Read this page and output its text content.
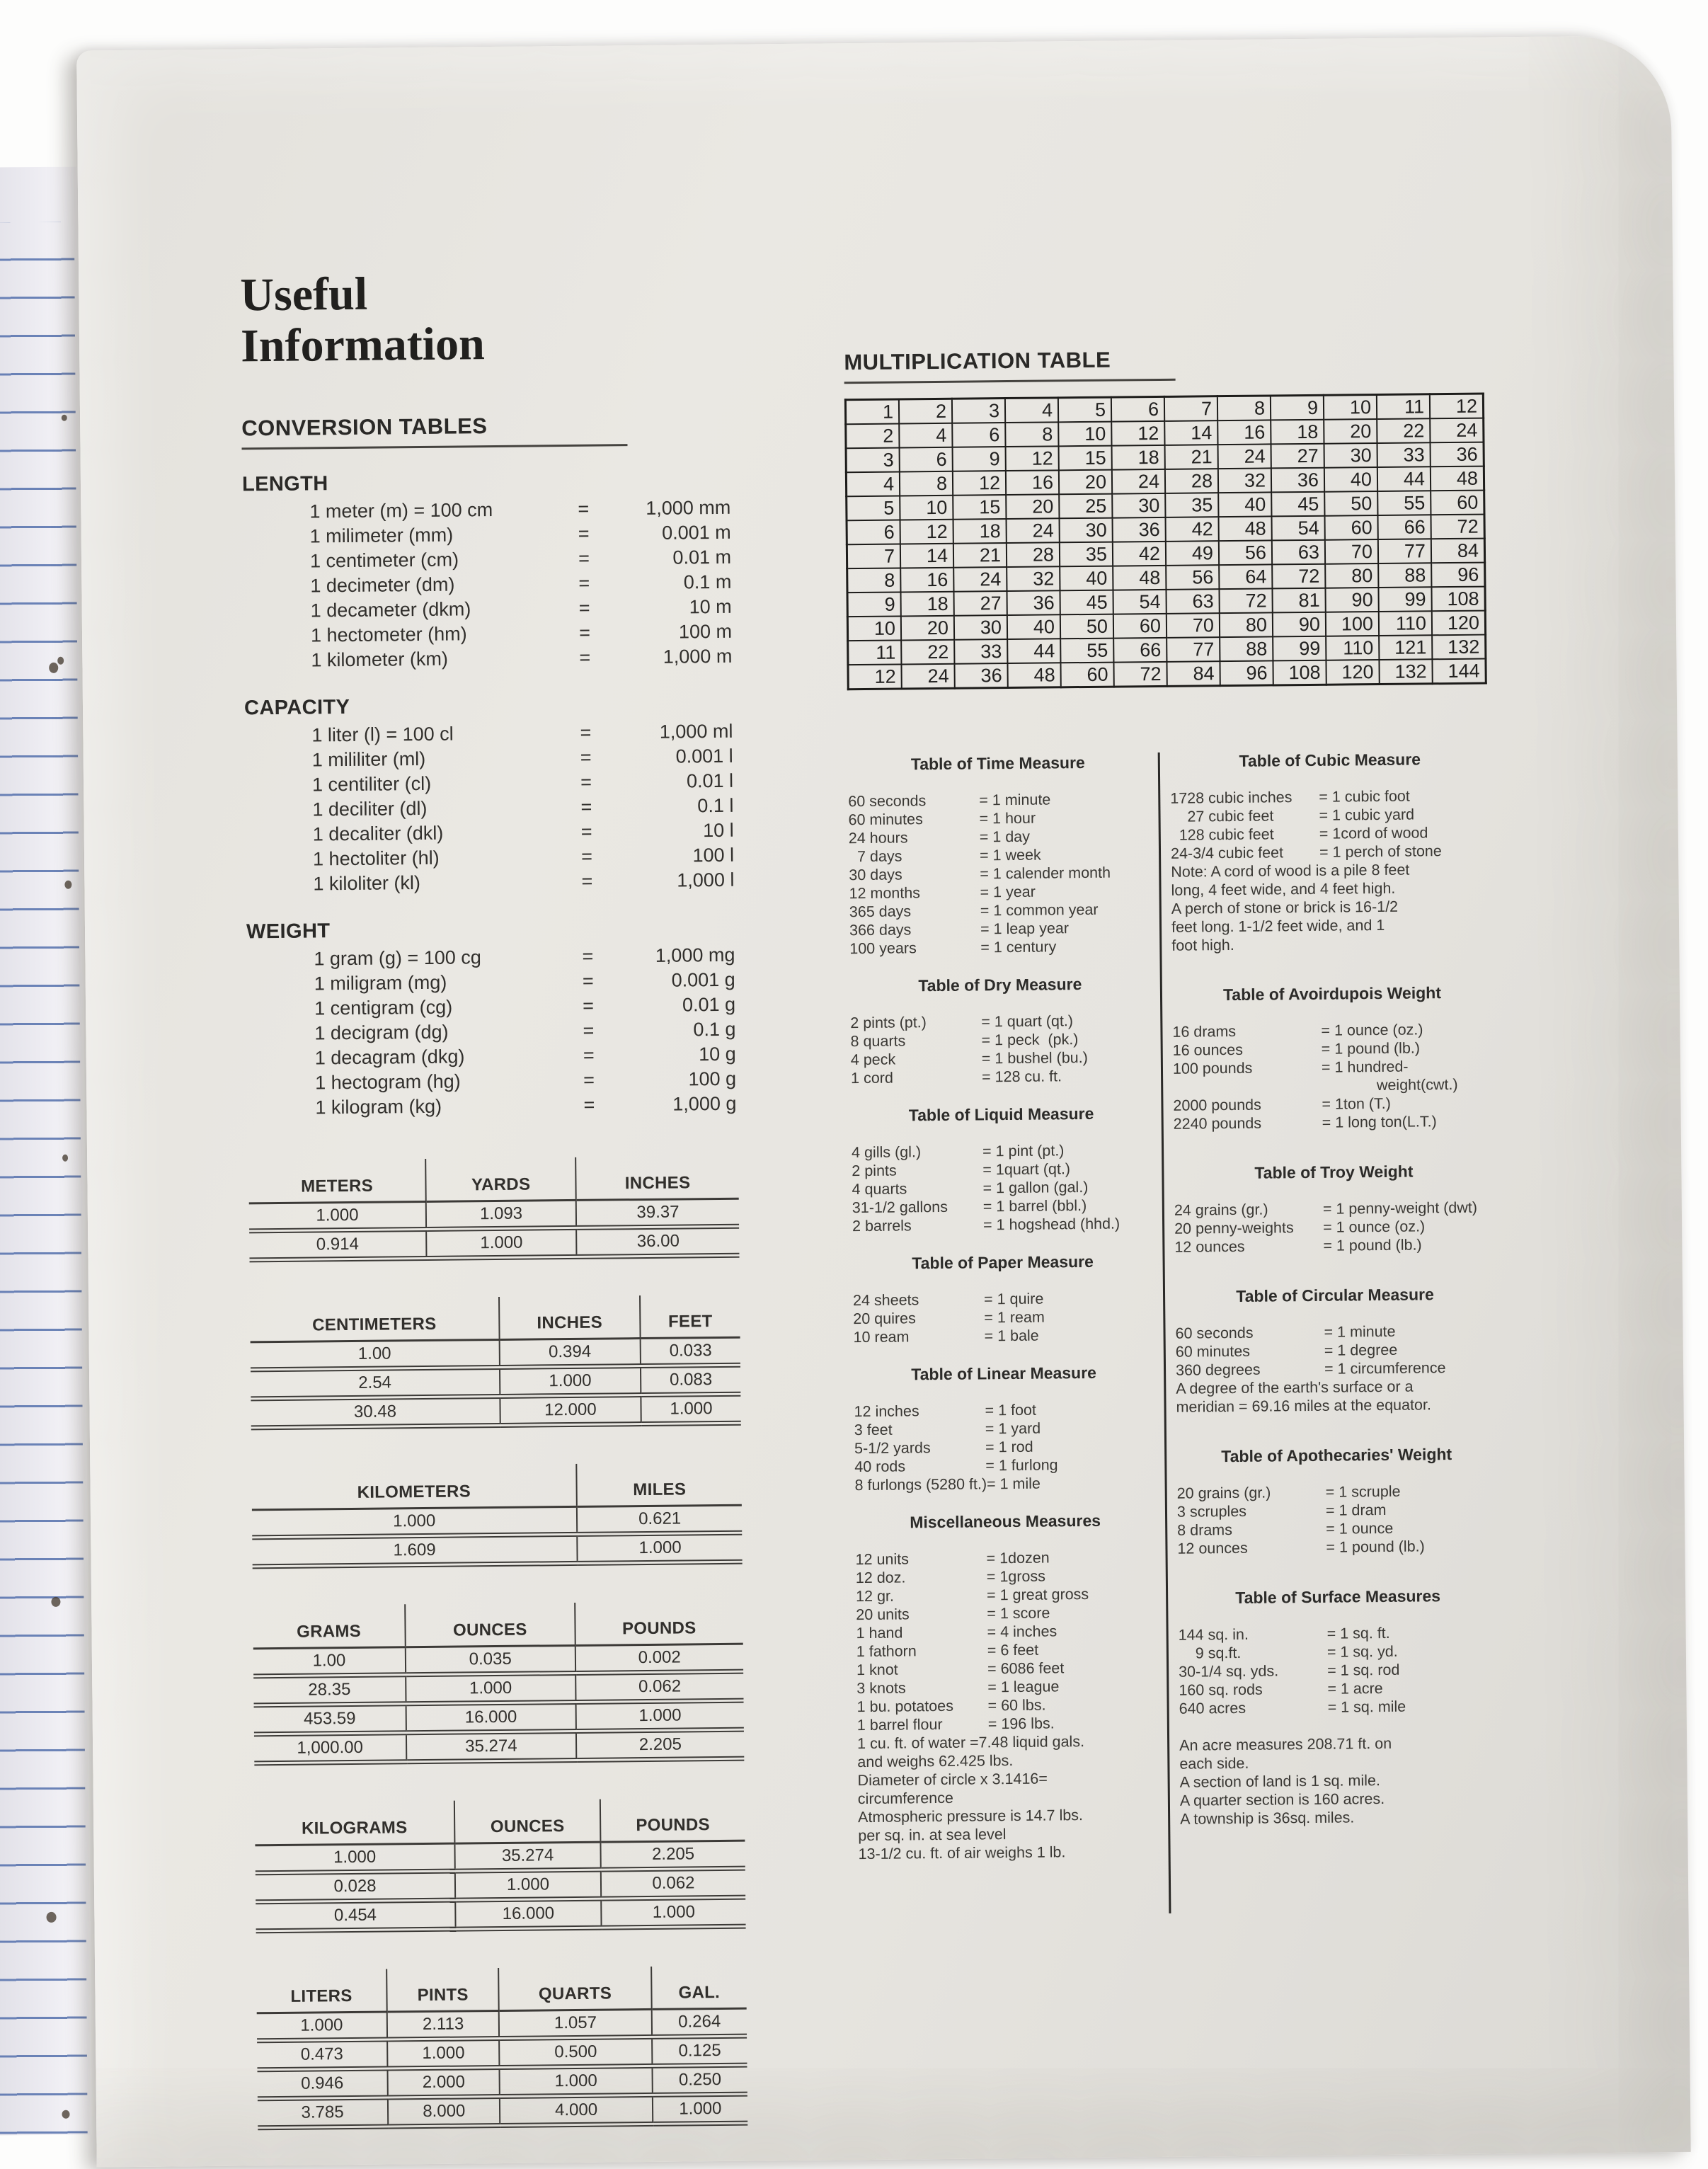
Useful Information
CONVERSION TABLES
LENGTH
1 meter (m) = 100 cm	=	1,000 mm
1 milimeter (mm)	=	0.001 m
1 centimeter (cm)	=	0.01 m
1 decimeter (dm)	=	0.1 m
1 decameter (dkm)	=	10 m
1 hectometer (hm)	=	100 m
1 kilometer (km)	=	1,000 m
CAPACITY
1 liter (l) = 100 cl	=	1,000 ml
1 mililiter (ml)	=	0.001 l
1 centiliter (cl)	=	0.01 l
1 deciliter (dl)	=	0.1 l
1 decaliter (dkl)	=	10 l
1 hectoliter (hl)	=	100 l
1 kiloliter (kl)	=	1,000 l
WEIGHT
1 gram (g) = 100 cg	=	1,000 mg
1 miligram (mg)	=	0.001 g
1 centigram (cg)	=	0.01 g
1 decigram (dg)	=	0.1 g
1 decagram (dkg)	=	10 g
1 hectogram (hg)	=	100 g
1 kilogram (kg)	=	1,000 g
METERS	YARDS	INCHES
1.000	1.093	39.37
0.914	1.000	36.00
CENTIMETERS	INCHES	FEET
1.00	0.394	0.033
2.54	1.000	0.083
30.48	12.000	1.000
KILOMETERS	MILES
1.000	0.621
1.609	1.000
GRAMS	OUNCES	POUNDS
1.00	0.035	0.002
28.35	1.000	0.062
453.59	16.000	1.000
1,000.00	35.274	2.205
KILOGRAMS	OUNCES	POUNDS
1.000	35.274	2.205
0.028	1.000	0.062
0.454	16.000	1.000
LITERS	PINTS	QUARTS	GAL.
1.000	2.113	1.057	0.264
0.473	1.000	0.500	0.125
0.946	2.000	1.000	0.250
3.785	8.000	4.000	1.000
MULTIPLICATION TABLE
1	2	3	4	5	6	7	8	9	10	11	12
2	4	6	8	10	12	14	16	18	20	22	24
3	6	9	12	15	18	21	24	27	30	33	36
4	8	12	16	20	24	28	32	36	40	44	48
5	10	15	20	25	30	35	40	45	50	55	60
6	12	18	24	30	36	42	48	54	60	66	72
7	14	21	28	35	42	49	56	63	70	77	84
8	16	24	32	40	48	56	64	72	80	88	96
9	18	27	36	45	54	63	72	81	90	99	108
10	20	30	40	50	60	70	80	90	100	110	120
11	22	33	44	55	66	77	88	99	110	121	132
12	24	36	48	60	72	84	96	108	120	132	144
Table of Time Measure
60 seconds	= 1 minute
60 minutes	= 1 hour
24 hours	= 1 day
7 days	= 1 week
30 days	= 1 calender month
12 months	= 1 year
365 days	= 1 common year
366 days	= 1 leap year
100 years	= 1 century
Table of Dry Measure
2 pints (pt.)	= 1 quart (qt.)
8 quarts	= 1 peck  (pk.)
4 peck	= 1 bushel (bu.)
1 cord	= 128 cu. ft.
Table of Liquid Measure
4 gills (gl.)	= 1 pint (pt.)
2 pints	= 1quart (qt.)
4 quarts	= 1 gallon (gal.)
31-1/2 gallons	= 1 barrel (bbl.)
2 barrels	= 1 hogshead (hhd.)
Table of Paper Measure
24 sheets	= 1 quire
20 quires	= 1 ream
10 ream	= 1 bale
Table of Linear Measure
12 inches	= 1 foot
3 feet	= 1 yard
5-1/2 yards	= 1 rod
40 rods	= 1 furlong
8 furlongs (5280 ft.) = 1 mile
Miscellaneous Measures
12 units	= 1dozen
12 doz.	= 1gross
12 gr.	= 1 great gross
20 units	= 1 score
1 hand	= 4 inches
1 fathorn	= 6 feet
1 knot	= 6086 feet
3 knots	= 1 league
1 bu. potatoes	= 60 lbs.
1 barrel flour	= 196 lbs.
1 cu. ft. of water =7.48 liquid gals.
and weighs 62.425 lbs.
Diameter of circle x 3.1416=
circumference
Atmospheric pressure is 14.7 lbs.
per sq. in. at sea level
13-1/2 cu. ft. of air weighs 1 lb.
Table of Cubic Measure
1728 cubic inches	= 1 cubic foot
27 cubic feet	= 1 cubic yard
128 cubic feet	= 1cord of wood
24-3/4 cubic feet	= 1 perch of stone
Note: A cord of wood is a pile 8 feet
long, 4 feet wide, and 4 feet high.
A perch of stone or brick is 16-1/2
feet long. 1-1/2 feet wide, and 1
foot high.
Table of Avoirdupois Weight
16 drams	= 1 ounce (oz.)
16 ounces	= 1 pound (lb.)
100 pounds	= 1 hundred-
weight(cwt.)
2000 pounds	= 1ton (T.)
2240 pounds	= 1 long ton(L.T.)
Table of Troy Weight
24 grains (gr.)	= 1 penny-weight (dwt)
20 penny-weights	= 1 ounce (oz.)
12 ounces	= 1 pound (lb.)
Table of Circular Measure
60 seconds	= 1 minute
60 minutes	= 1 degree
360 degrees	= 1 circumference
A degree of the earth's surface or a
meridian = 69.16 miles at the equator.
Table of Apothecaries' Weight
20 grains (gr.)	= 1 scruple
3 scruples	= 1 dram
8 drams	= 1 ounce
12 ounces	= 1 pound (lb.)
Table of Surface Measures
144 sq. in.	= 1 sq. ft.
9 sq.ft.	= 1 sq. yd.
30-1/4 sq. yds.	= 1 sq. rod
160 sq. rods	= 1 acre
640 acres	= 1 sq. mile
An acre measures 208.71 ft. on
each side.
A section of land is 1 sq. mile.
A quarter section is 160 acres.
A township is 36sq. miles.
